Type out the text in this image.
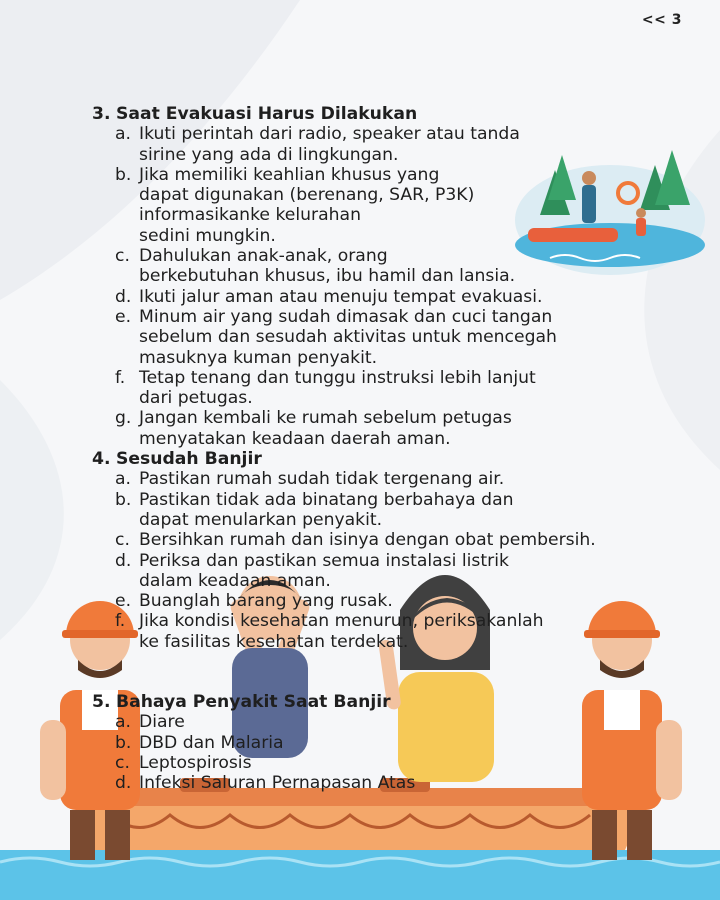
<< 3
3. Saat Evakuasi Harus Dilakukan
a. Ikuti perintah dari radio, speaker atau tanda
sirine yang ada di lingkungan.
b. Jika memiliki keahlian khusus yang
dapat digunakan (berenang, SAR, P3K)
informasikanke kelurahan
sedini mungkin.
c. Dahulukan anak-anak, orang
berkebutuhan khusus, ibu hamil dan lansia.
d. Ikuti jalur aman atau menuju tempat evakuasi.
e. Minum air yang sudah dimasak dan cuci tangan
sebelum dan sesudah aktivitas untuk mencegah
masuknya kuman penyakit.
f. Tetap tenang dan tunggu instruksi lebih lanjut
dari petugas.
g. Jangan kembali ke rumah sebelum petugas
menyatakan keadaan daerah aman.
4. Sesudah Banjir
a. Pastikan rumah sudah tidak tergenang air.
b. Pastikan tidak ada binatang berbahaya dan
dapat menularkan penyakit.
c. Bersihkan rumah dan isinya dengan obat pembersih.
d. Periksa dan pastikan semua instalasi listrik
dalam keadaan aman.
e. Buanglah barang yang rusak.
f. Jika kondisi kesehatan menurun, periksakanlah
ke fasilitas kesehatan terdekat.
5. Bahaya Penyakit Saat Banjir
a. Diare
b. DBD dan Malaria
c. Leptospirosis
d. Infeksi Saluran Pernapasan Atas
